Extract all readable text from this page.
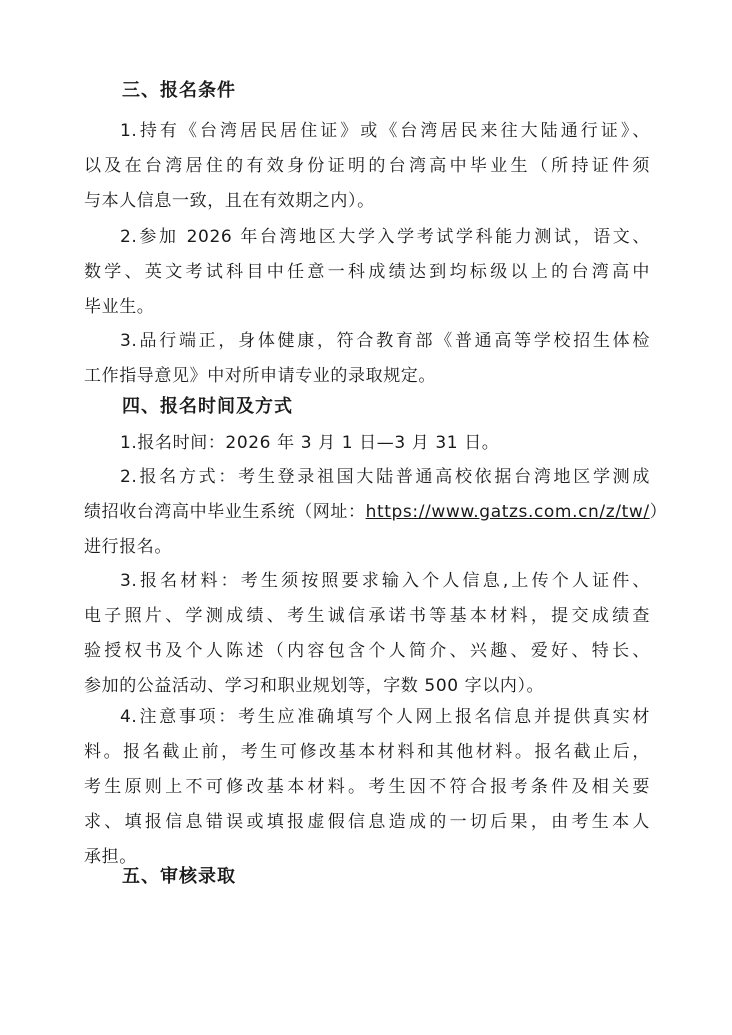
三、报名条件
1.持有《台湾居民居住证》或《台湾居民来往大陆通行证》、
以及在台湾居住的有效身份证明的台湾高中毕业生（所持证件须
与本人信息一致，且在有效期之内）。
2.参加 2026 年台湾地区大学入学考试学科能力测试，语文、
数学、英文考试科目中任意一科成绩达到均标级以上的台湾高中
毕业生。
3.品行端正，身体健康，符合教育部《普通高等学校招生体检
工作指导意见》中对所申请专业的录取规定。
四、报名时间及方式
1.报名时间：2026 年 3 月 1 日—3 月 31 日。
2.报名方式：考生登录祖国大陆普通高校依据台湾地区学测成
绩招收台湾高中毕业生系统（网址：https://www.gatzs.com.cn/z/tw/）
进行报名。
3.报名材料：考生须按照要求输入个人信息,上传个人证件、
电子照片、学测成绩、考生诚信承诺书等基本材料，提交成绩查
验授权书及个人陈述（内容包含个人简介、兴趣、爱好、特长、
参加的公益活动、学习和职业规划等，字数 500 字以内）。
4.注意事项：考生应准确填写个人网上报名信息并提供真实材
料。报名截止前，考生可修改基本材料和其他材料。报名截止后，
考生原则上不可修改基本材料。考生因不符合报考条件及相关要
求、填报信息错误或填报虚假信息造成的一切后果，由考生本人
承担。
五、审核录取
